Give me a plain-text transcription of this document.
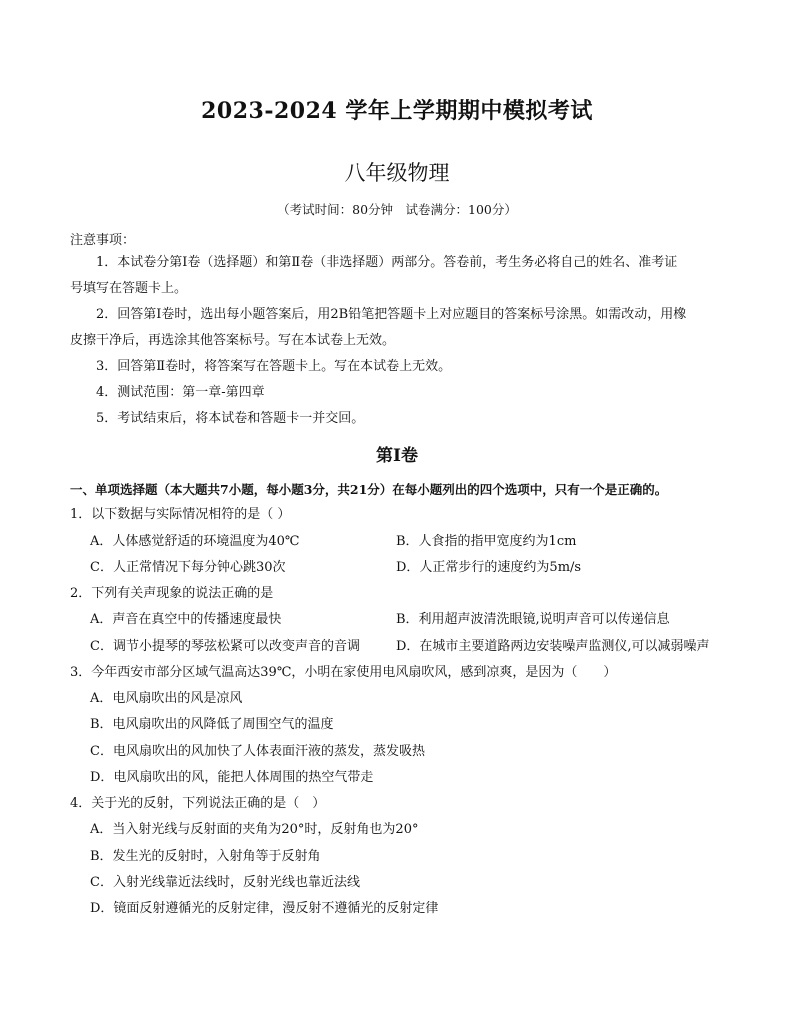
2023-2024 学年上学期期中模拟考试
八年级物理
（考试时间：80分钟　试卷满分：100分）
注意事项：
1．本试卷分第Ⅰ卷（选择题）和第Ⅱ卷（非选择题）两部分。答卷前，考生务必将自己的姓名、准考证
号填写在答题卡上。
2．回答第Ⅰ卷时，选出每小题答案后，用2B铅笔把答题卡上对应题目的答案标号涂黑。如需改动，用橡
皮擦干净后，再选涂其他答案标号。写在本试卷上无效。
3．回答第Ⅱ卷时，将答案写在答题卡上。写在本试卷上无效。
4．测试范围：第一章-第四章
5．考试结束后，将本试卷和答题卡一并交回。
第Ⅰ卷
一、单项选择题（本大题共7小题，每小题3分，共21分）在每小题列出的四个选项中，只有一个是正确的。
1．以下数据与实际情况相符的是（ ）
A．人体感觉舒适的环境温度为40℃	B．人食指的指甲宽度约为1cm
C．人正常情况下每分钟心跳30次	D．人正常步行的速度约为5m/s
2．下列有关声现象的说法正确的是
A．声音在真空中的传播速度最快	B．利用超声波清洗眼镜,说明声音可以传递信息
C．调节小提琴的琴弦松紧可以改变声音的音调	D．在城市主要道路两边安装噪声监测仪,可以减弱噪声
3．今年西安市部分区域气温高达39℃，小明在家使用电风扇吹风，感到凉爽，是因为（　　）
A．电风扇吹出的风是凉风
B．电风扇吹出的风降低了周围空气的温度
C．电风扇吹出的风加快了人体表面汗液的蒸发，蒸发吸热
D．电风扇吹出的风，能把人体周围的热空气带走
4．关于光的反射，下列说法正确的是（　）
A．当入射光线与反射面的夹角为20°时，反射角也为20°
B．发生光的反射时，入射角等于反射角
C．入射光线靠近法线时，反射光线也靠近法线
D．镜面反射遵循光的反射定律，漫反射不遵循光的反射定律
